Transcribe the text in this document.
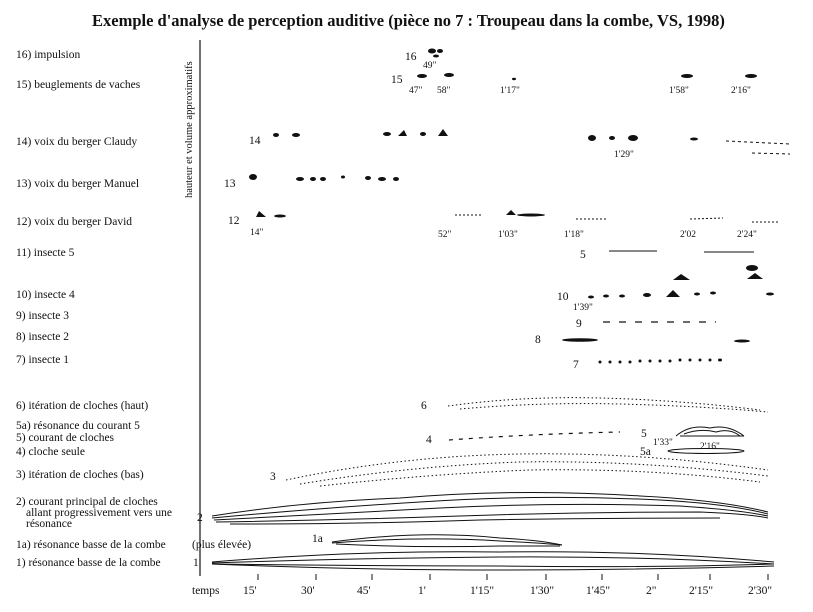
Exemple d'analyse de perception auditive (pièce no 7 : Troupeau dans la combe, VS, 1998)
hauteur et volume approximatifs
16) impulsion
15) beuglements de vaches
14) voix du berger Claudy
13) voix du berger Manuel
12) voix du berger David
11) insecte 5
10) insecte 4
9) insecte 3
8) insecte 2
7) insecte 1
6) itération de cloches (haut)
5a) résonance du courant 5
5) courant de cloches
4) cloche seule
3) itération de cloches (bas)
2) courant principal de cloches
allant progressivement vers une
résonance
1a) résonance basse de la combe (plus élevée)
1) résonance basse de la combe
temps 15'	30'	45'	1'	1'15"	1'30"	1'45"	2"	2'15"	2'30"
16
15
14
13
12
5
10
9
8
7
6
4	5
5a
3
2
1a
1
49"
47" 58"	1'17"	1'58"	2'16"
1'29"
14"	52"	1'03"	1'18"	2'02	2'24"
1'39"
1'33"	2'16"
